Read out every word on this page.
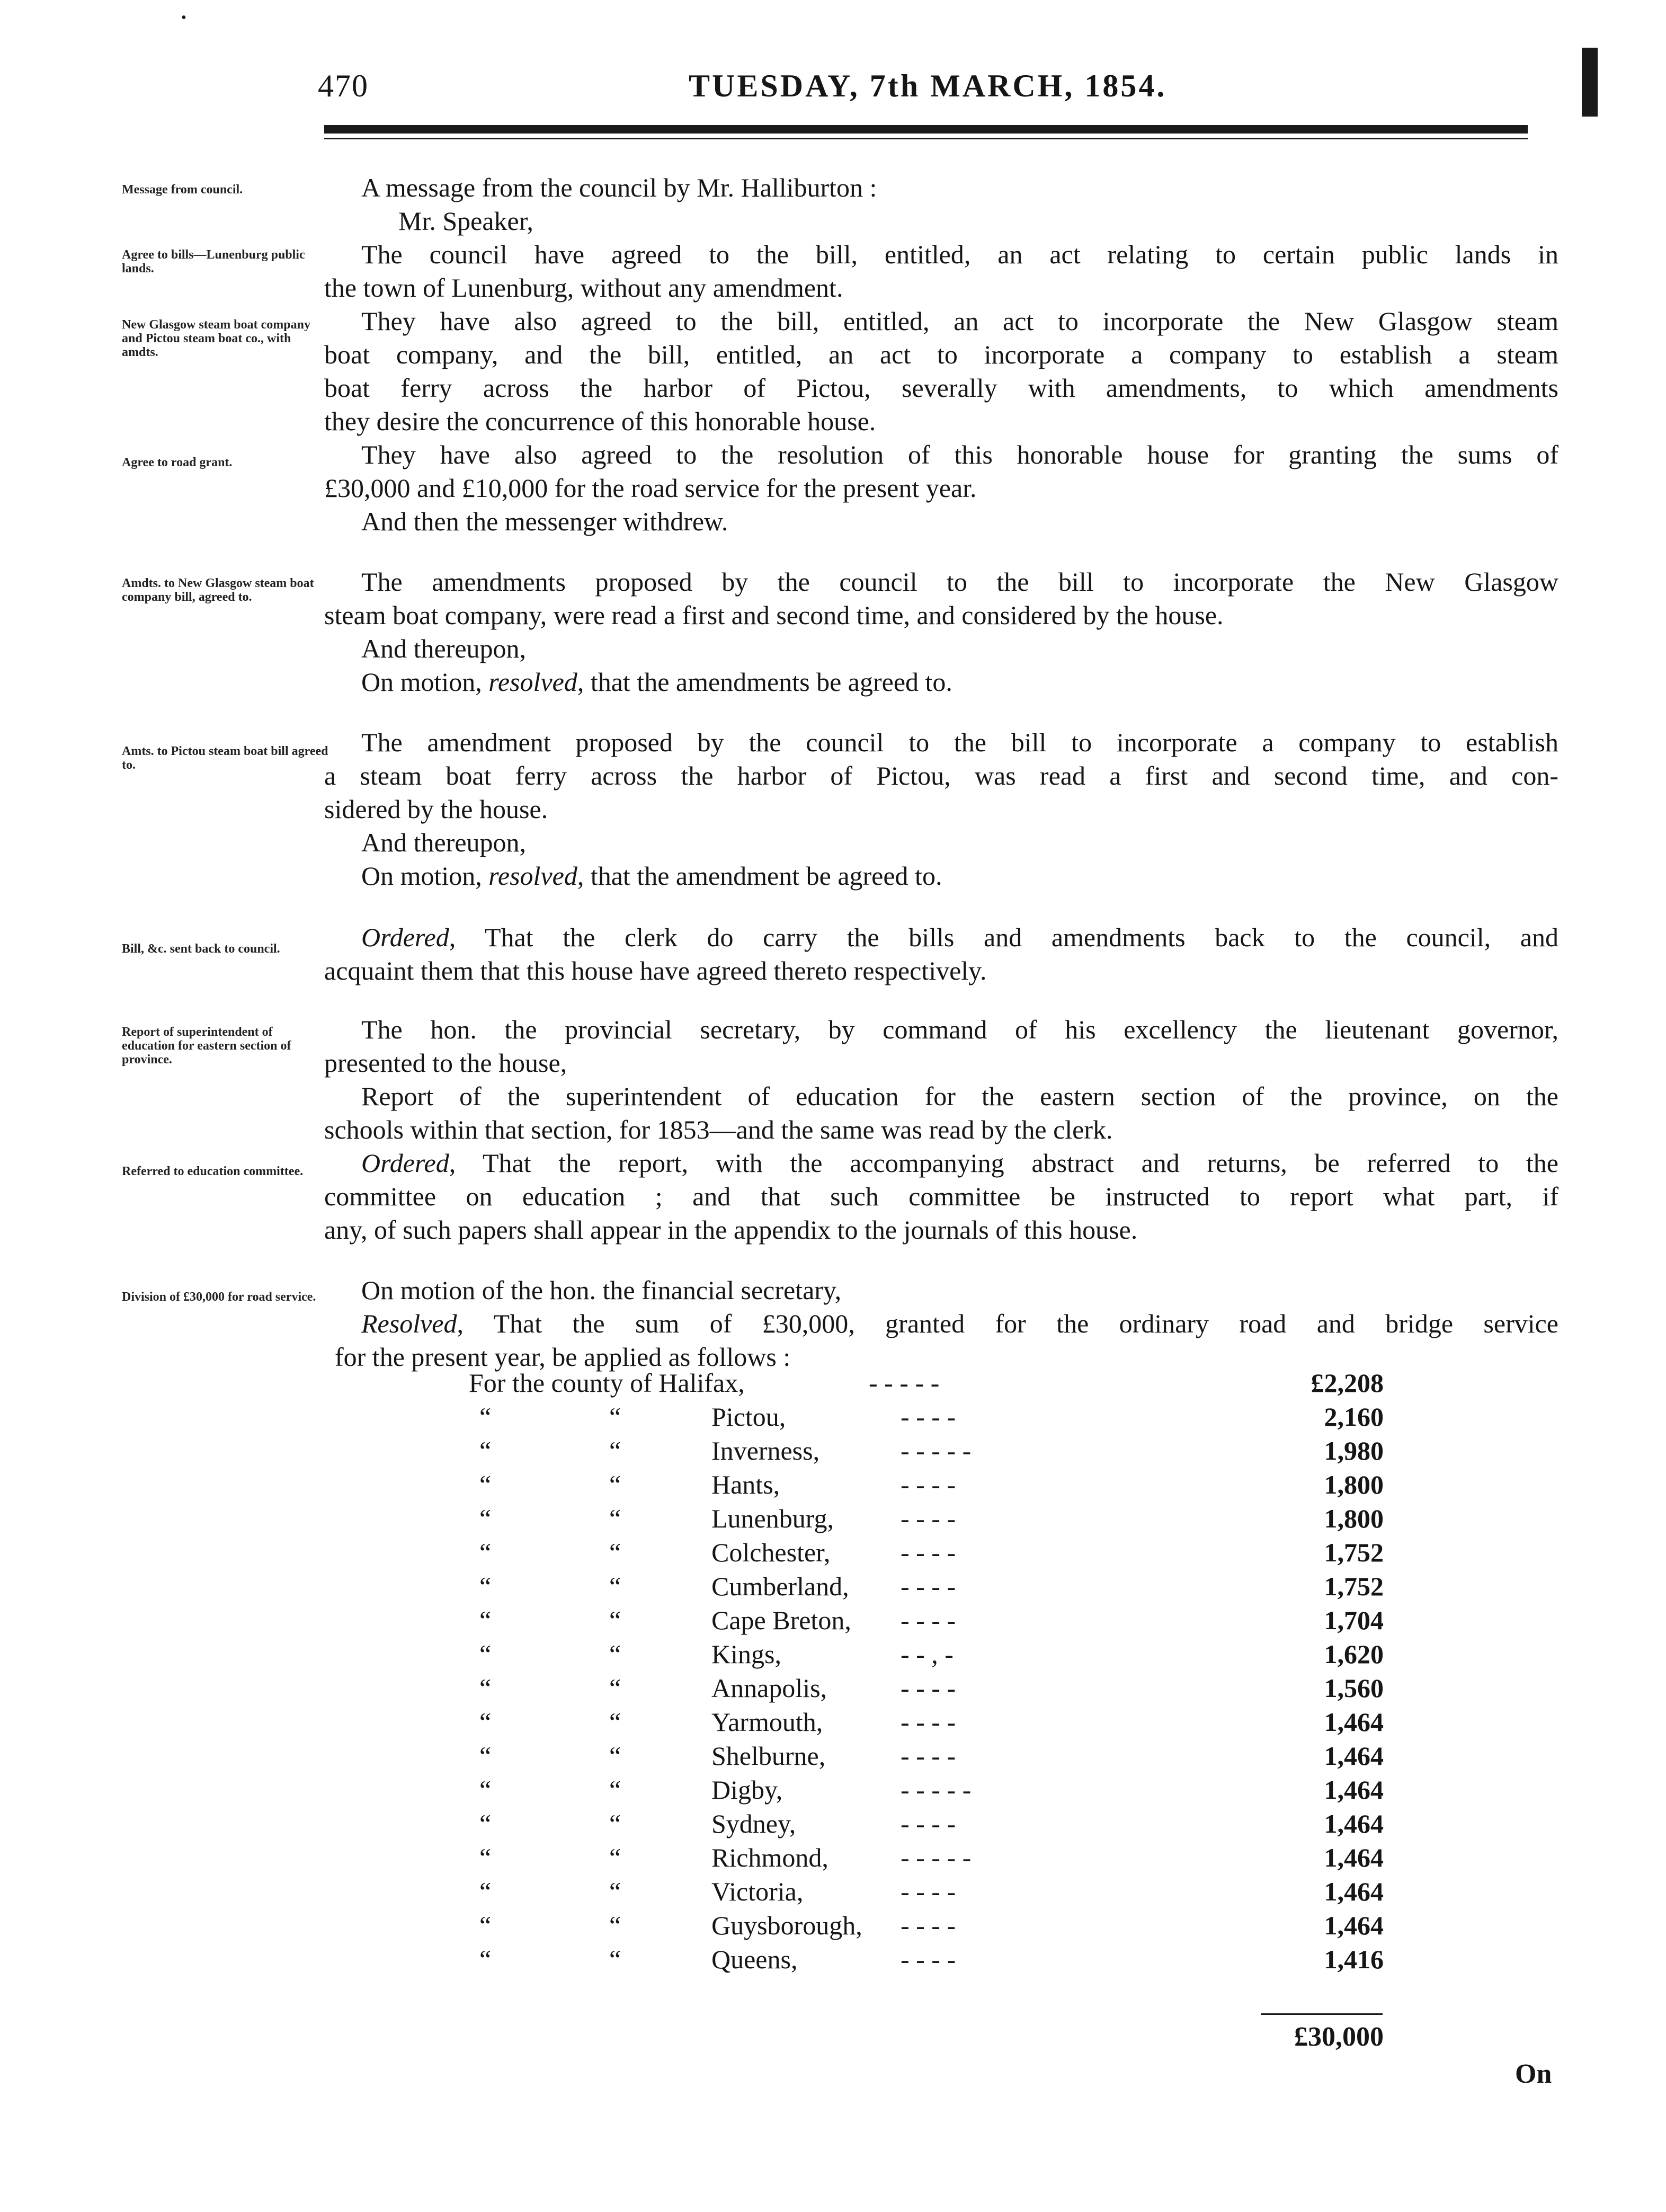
•
470	TUESDAY, 7th MARCH, 1854.
Message from council.
Agree to bills—Lunenburg public lands.
New Glasgow steam boat company and Pictou steam boat co., with amdts.
Agree to road grant.
Amdts. to New Glasgow steam boat company bill, agreed to.
Amts. to Pictou steam boat bill agreed to.
Bill, &c. sent back to council.
Report of superintendent of education for eastern section of province.
Referred to education committee.
Division of £30,000 for road service.
A message from the council by Mr. Halliburton :
Mr. Speaker,
The council have agreed to the bill, entitled, an act relating to certain public lands in
the town of Lunenburg, without any amendment.
They have also agreed to the bill, entitled, an act to incorporate the New Glasgow steam
boat company, and the bill, entitled, an act to incorporate a company to establish a steam
boat ferry across the harbor of Pictou, severally with amendments, to which amendments
they desire the concurrence of this honorable house.
They have also agreed to the resolution of this honorable house for granting the sums of
£30,000 and £10,000 for the road service for the present year.
And then the messenger withdrew.
The amendments proposed by the council to the bill to incorporate the New Glasgow
steam boat company, were read a first and second time, and considered by the house.
And thereupon,
On motion, resolved, that the amendments be agreed to.
The amendment proposed by the council to the bill to incorporate a company to establish
a steam boat ferry across the harbor of Pictou, was read a first and second time, and con-
sidered by the house.
And thereupon,
On motion, resolved, that the amendment be agreed to.
Ordered, That the clerk do carry the bills and amendments back to the council, and
acquaint them that this house have agreed thereto respectively.
The hon. the provincial secretary, by command of his excellency the lieutenant governor,
presented to the house,
Report of the superintendent of education for the eastern section of the province, on the
schools within that section, for 1853—and the same was read by the clerk.
Ordered, That the report, with the accompanying abstract and returns, be referred to the
committee on education ; and that such committee be instructed to report what part, if
any, of such papers shall appear in the appendix to the journals of this house.
On motion of the hon. the financial secretary,
Resolved, That the sum of £30,000, granted for the ordinary road and bridge service
for the present year, be applied as follows :
For the county of Halifax,	- - - - -	£2,208
“	“	Pictou,	- - - -	2,160
“	“	Inverness,	- - - - -	1,980
“	“	Hants,	- - - -	1,800
“	“	Lunenburg,	- - - -	1,800
“	“	Colchester,	- - - -	1,752
“	“	Cumberland, - - - -	1,752
“	“	Cape Breton, - - - -	1,704
“	“	Kings,	- - , -	1,620
“	“	Annapolis,	- - - -	1,560
“	“	Yarmouth,	- - - -	1,464
“	“	Shelburne,	- - - -	1,464
“	“	Digby,	- - - - -	1,464
“	“	Sydney,	- - - -	1,464
“	“	Richmond,	- - - - -	1,464
“	“	Victoria,	- - - -	1,464
“	“	Guysborough, - - - -	1,464
“	“	Queens,	- - - -	1,416
£30,000
On
